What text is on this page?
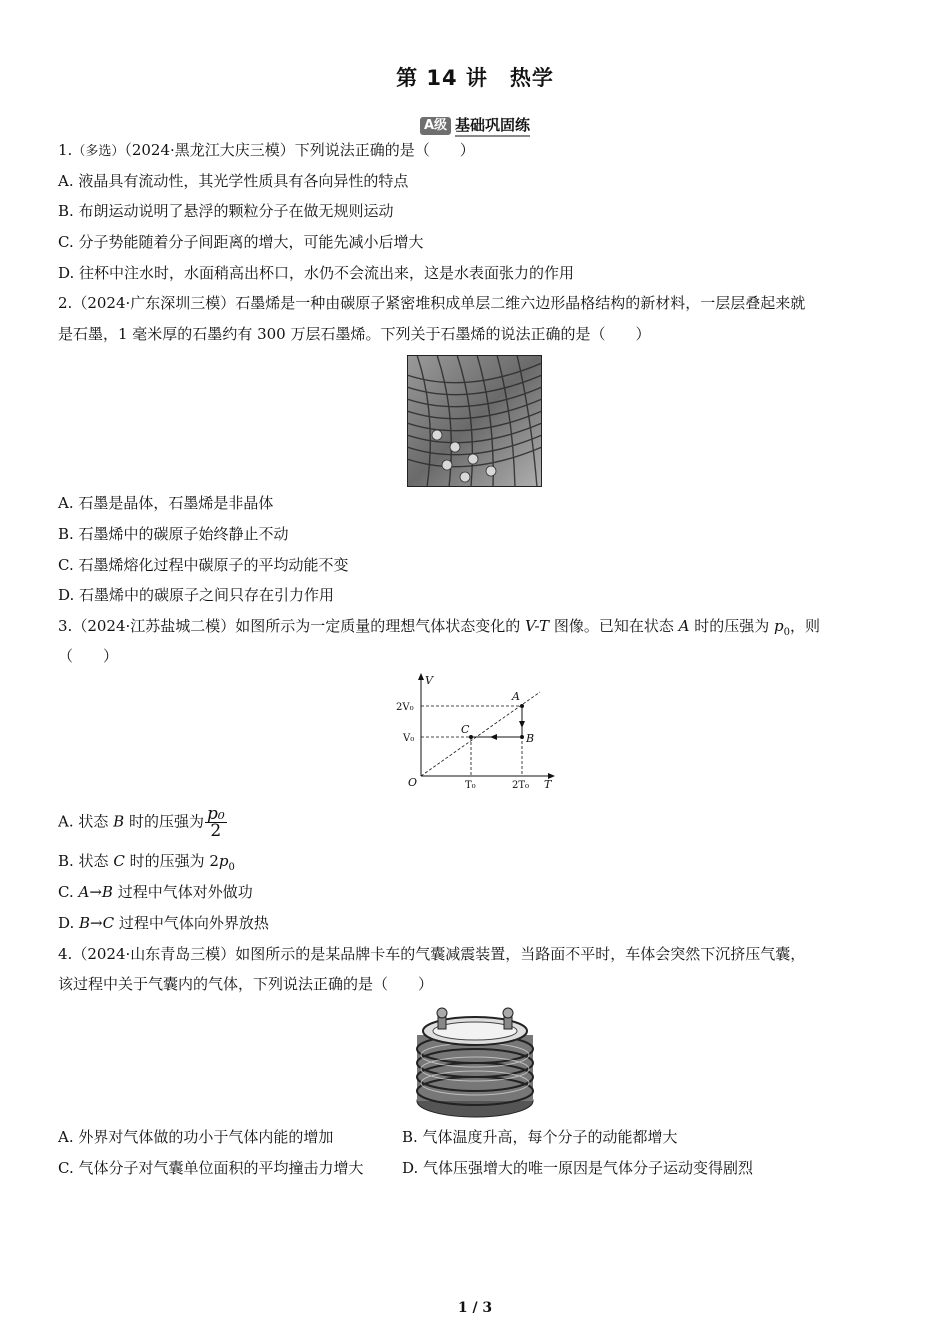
第 14 讲　热学
A级 基础巩固练
1.（多选）（2024·黑龙江大庆三模）下列说法正确的是（　　）
A. 液晶具有流动性，其光学性质具有各向异性的特点
B. 布朗运动说明了悬浮的颗粒分子在做无规则运动
C. 分子势能随着分子间距离的增大，可能先减小后增大
D. 往杯中注水时，水面稍高出杯口，水仍不会流出来，这是水表面张力的作用
2.（2024·广东深圳三模）石墨烯是一种由碳原子紧密堆积成单层二维六边形晶格结构的新材料，一层层叠起来就
是石墨，1 毫米厚的石墨约有 300 万层石墨烯。下列关于石墨烯的说法正确的是（　　）
A. 石墨是晶体，石墨烯是非晶体
B. 石墨烯中的碳原子始终静止不动
C. 石墨烯熔化过程中碳原子的平均动能不变
D. 石墨烯中的碳原子之间只存在引力作用
3.（2024·江苏盐城二模）如图所示为一定质量的理想气体状态变化的 V-T 图像。已知在状态 A 时的压强为 $p_0$，则
（　　）
V
T
O
2V₀
V₀
T₀	2T₀
A
B
C
A. 状态 B 时的压强为 $\frac{\text{p₀}}{2}$
B. 状态 C 时的压强为 $2p_0$
C. A→B 过程中气体对外做功
D. B→C 过程中气体向外界放热
4.（2024·山东青岛三模）如图所示的是某品牌卡车的气囊减震装置，当路面不平时，车体会突然下沉挤压气囊，
该过程中关于气囊内的气体，下列说法正确的是（　　）
A. 外界对气体做的功小于气体内能的增加	B. 气体温度升高，每个分子的动能都增大
C. 气体分子对气囊单位面积的平均撞击力增大	D. 气体压强增大的唯一原因是气体分子运动变得剧烈
1 / 3
